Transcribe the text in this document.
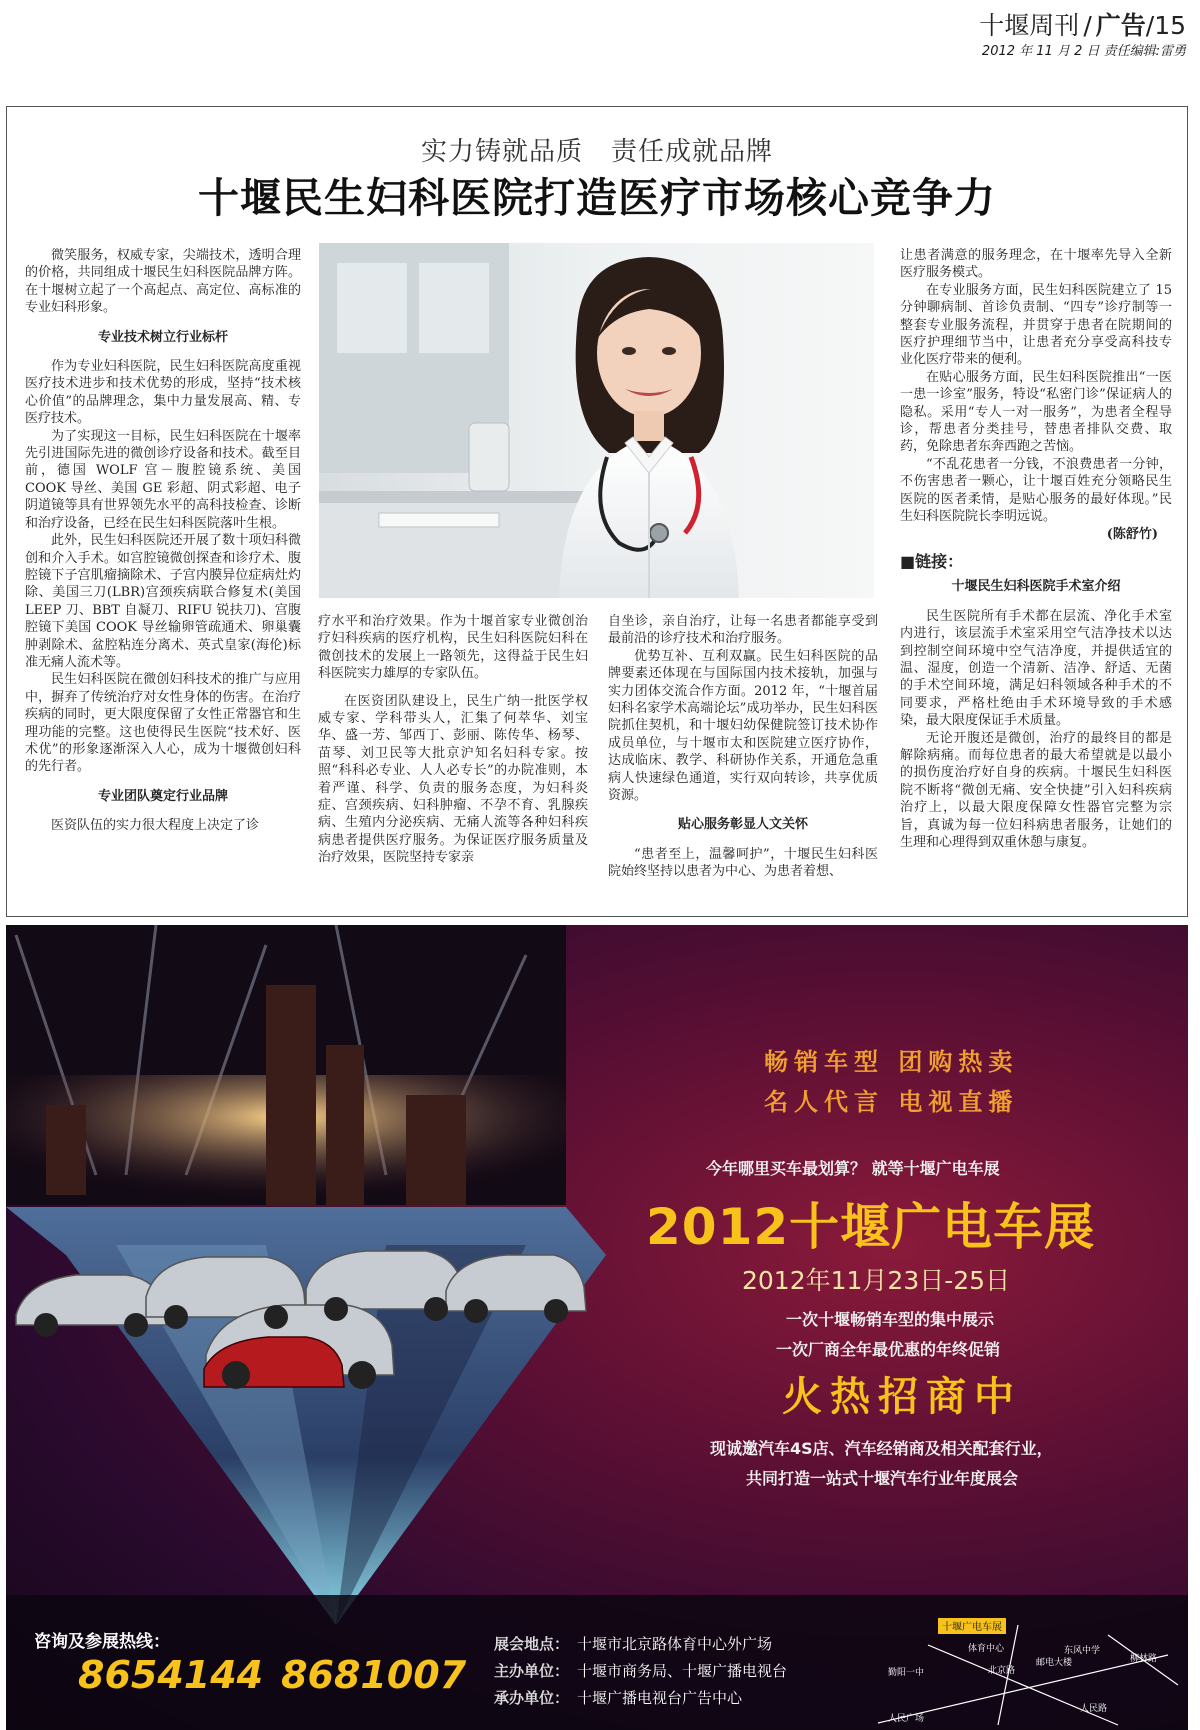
十堰周刊 / 广告/15
2012 年 11 月 2 日 责任编辑:雷勇
实力铸就品质 责任成就品牌
十堰民生妇科医院打造医疗市场核心竞争力

微笑服务，权威专家，尖端技术，透明合理的价格，共同组成十堰民生妇科医院品牌方阵。在十堰树立起了一个高起点、高定位、高标准的专业妇科形象。

专业技术树立行业标杆

作为专业妇科医院，民生妇科医院高度重视医疗技术进步和技术优势的形成，坚持“技术核心价值”的品牌理念，集中力量发展高、精、专医疗技术。

为了实现这一目标，民生妇科医院在十堰率先引进国际先进的微创诊疗设备和技术。截至目前，德国 WOLF 宫－腹腔镜系统、美国 COOK 导丝、美国 GE 彩超、阴式彩超、电子阴道镜等具有世界领先水平的高科技检查、诊断和治疗设备，已经在民生妇科医院落叶生根。

此外，民生妇科医院还开展了数十项妇科微创和介入手术。如宫腔镜微创探查和诊疗术、腹腔镜下子宫肌瘤摘除术、子宫内膜异位症病灶灼除、美国三刀(LBR)宫颈疾病联合修复术(美国 LEEP 刀、BBT 自凝刀、RIFU 锐扶刀)、宫腹腔镜下美国 COOK 导丝输卵管疏通术、卵巢囊肿剥除术、盆腔粘连分离术、英式皇家(海伦)标准无痛人流术等。

民生妇科医院在微创妇科技术的推广与应用中，摒弃了传统治疗对女性身体的伤害。在治疗疾病的同时，更大限度保留了女性正常器官和生理功能的完整。这也使得民生医院“技术好、医术优”的形象逐渐深入人心，成为十堰微创妇科的先行者。

专业团队奠定行业品牌

医资队伍的实力很大程度上决定了诊

疗水平和治疗效果。作为十堰首家专业微创治疗妇科疾病的医疗机构，民生妇科医院妇科在微创技术的发展上一路领先，这得益于民生妇科医院实力雄厚的专家队伍。

在医资团队建设上，民生广纳一批医学权威专家、学科带头人，汇集了何萃华、刘宝华、盛一芳、邹西丁、彭丽、陈传华、杨琴、苗琴、刘卫民等大批京沪知名妇科专家。按照“科科必专业、人人必专长”的办院准则，本着严谨、科学、负责的服务态度，为妇科炎症、宫颈疾病、妇科肿瘤、不孕不育、乳腺疾病、生殖内分泌疾病、无痛人流等各种妇科疾病患者提供医疗服务。为保证医疗服务质量及治疗效果，医院坚持专家亲

自坐诊，亲自治疗，让每一名患者都能享受到最前沿的诊疗技术和治疗服务。

优势互补、互利双赢。民生妇科医院的品牌要素还体现在与国际国内技术接轨，加强与实力团体交流合作方面。2012 年，“十堰首届妇科名家学术高端论坛”成功举办，民生妇科医院抓住契机，和十堰妇幼保健院签订技术协作成员单位，与十堰市太和医院建立医疗协作，达成临床、教学、科研协作关系，开通危急重病人快速绿色通道，实行双向转诊，共享优质资源。

贴心服务彰显人文关怀

“患者至上，温馨呵护”，十堰民生妇科医院始终坚持以患者为中心、为患者着想、

让患者满意的服务理念，在十堰率先导入全新医疗服务模式。

在专业服务方面，民生妇科医院建立了 15 分钟聊病制、首诊负责制、“四专”诊疗制等一整套专业服务流程，并贯穿于患者在院期间的医疗护理细节当中，让患者充分享受高科技专业化医疗带来的便利。

在贴心服务方面，民生妇科医院推出“一医一患一诊室”服务，特设“私密门诊”保证病人的隐私。采用“专人一对一服务”，为患者全程导诊，帮患者分类挂号，替患者排队交费、取药，免除患者东奔西跑之苦恼。

“不乱花患者一分钱，不浪费患者一分钟，不伤害患者一颗心，让十堰百姓充分领略民生医院的医者柔情，是贴心服务的最好体现。”民生妇科医院院长李明远说。

(陈舒竹)

■链接：

十堰民生妇科医院手术室介绍

民生医院所有手术都在层流、净化手术室内进行，该层流手术室采用空气洁净技术以达到控制空间环境中空气洁净度，并提供适宜的温、湿度，创造一个清新、洁净、舒适、无菌的手术空间环境，满足妇科领域各种手术的不同要求，严格杜绝由手术环境导致的手术感染，最大限度保证手术质量。

无论开腹还是微创，治疗的最终目的都是解除病痛。而每位患者的最大希望就是以最小的损伤度治疗好自身的疾病。十堰民生妇科医院不断将“微创无痛、安全快捷”引入妇科疾病治疗上，以最大限度保障女性器官完整为宗旨，真诚为每一位妇科病患者服务，让她们的生理和心理得到双重休憩与康复。

畅销车型 团购热卖
名人代言 电视直播
今年哪里买车最划算？ 就等十堰广电车展
2012十堰广电车展
2012年11月23日-25日
一次十堰畅销车型的集中展示
一次厂商全年最优惠的年终促销
火热招商中
现诚邀汽车4S店、汽车经销商及相关配套行业，
共同打造一站式十堰汽车行业年度展会
咨询及参展热线：
8654144 8681007
展会地点： 十堰市北京路体育中心外广场
主办单位： 十堰市商务局、十堰广播电视台
承办单位： 十堰广播电视台广告中心
十堰广电车展
体育中心
北京路
邮电大楼
东风中学
柳林路
人民路
勤阳一中
人民广场
